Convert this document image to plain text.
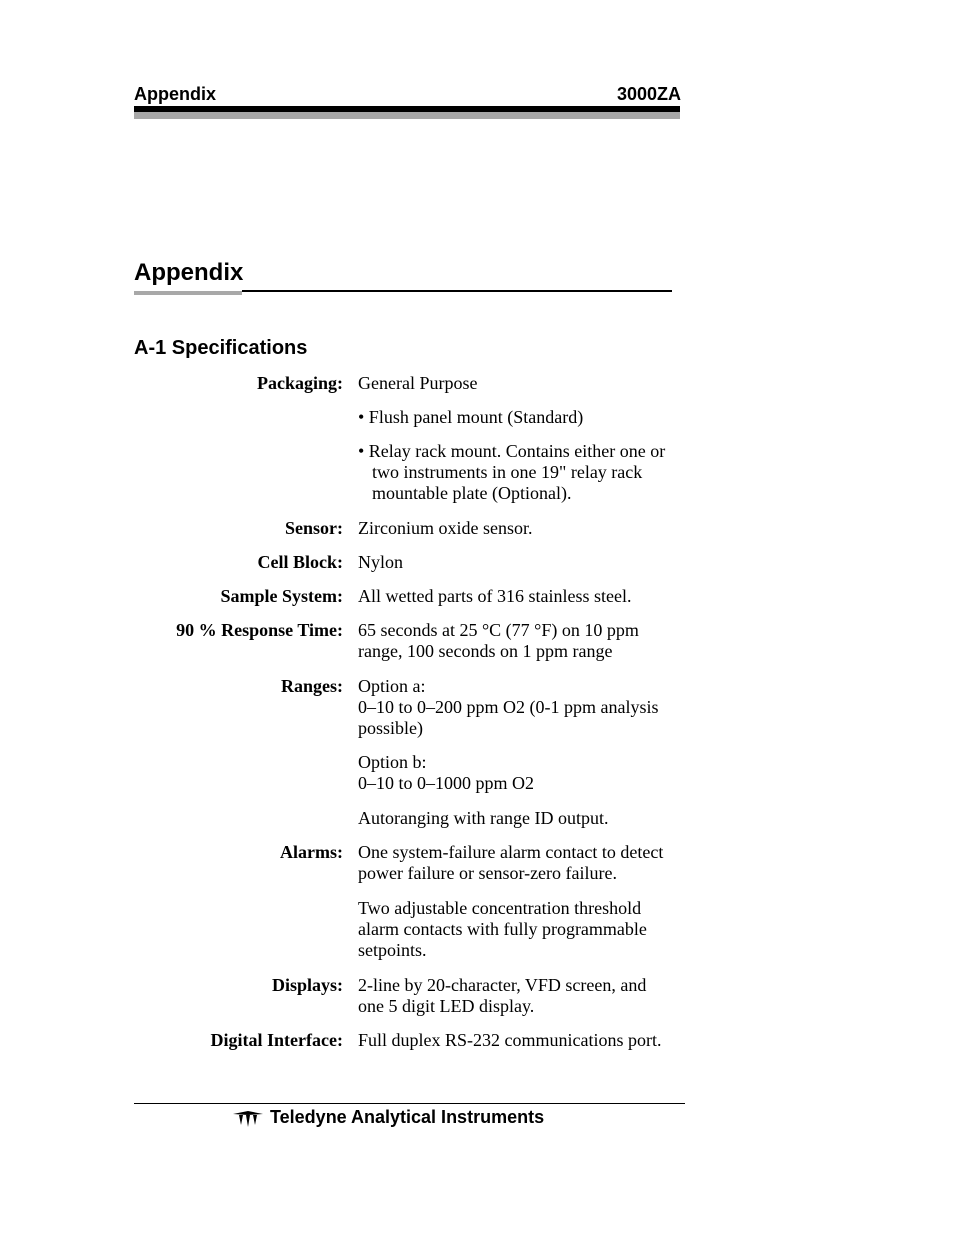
Appendix	3000ZA
Appendix
A-1 Specifications
Packaging: General Purpose
• Flush panel mount (Standard)
• Relay rack mount. Contains either one or two instruments in one 19" relay rack mountable plate (Optional).
Sensor: Zirconium oxide sensor.
Cell Block: Nylon
Sample System: All wetted parts of 316 stainless steel.
90 % Response Time: 65 seconds at 25 °C (77 °F) on 10 ppm range, 100 seconds on 1 ppm range
Ranges: Option a:
0–10 to 0–200 ppm O2 (0-1 ppm analysis possible)
Option b:
0–10 to 0–1000 ppm O2
Autoranging with range ID output.
Alarms: One system-failure alarm contact to detect power failure or sensor-zero failure.
Two adjustable concentration threshold alarm contacts with fully programmable setpoints.
Displays: 2-line by 20-character, VFD screen, and one 5 digit LED display.
Digital Interface: Full duplex RS-232 communications port.
Teledyne Analytical Instruments
